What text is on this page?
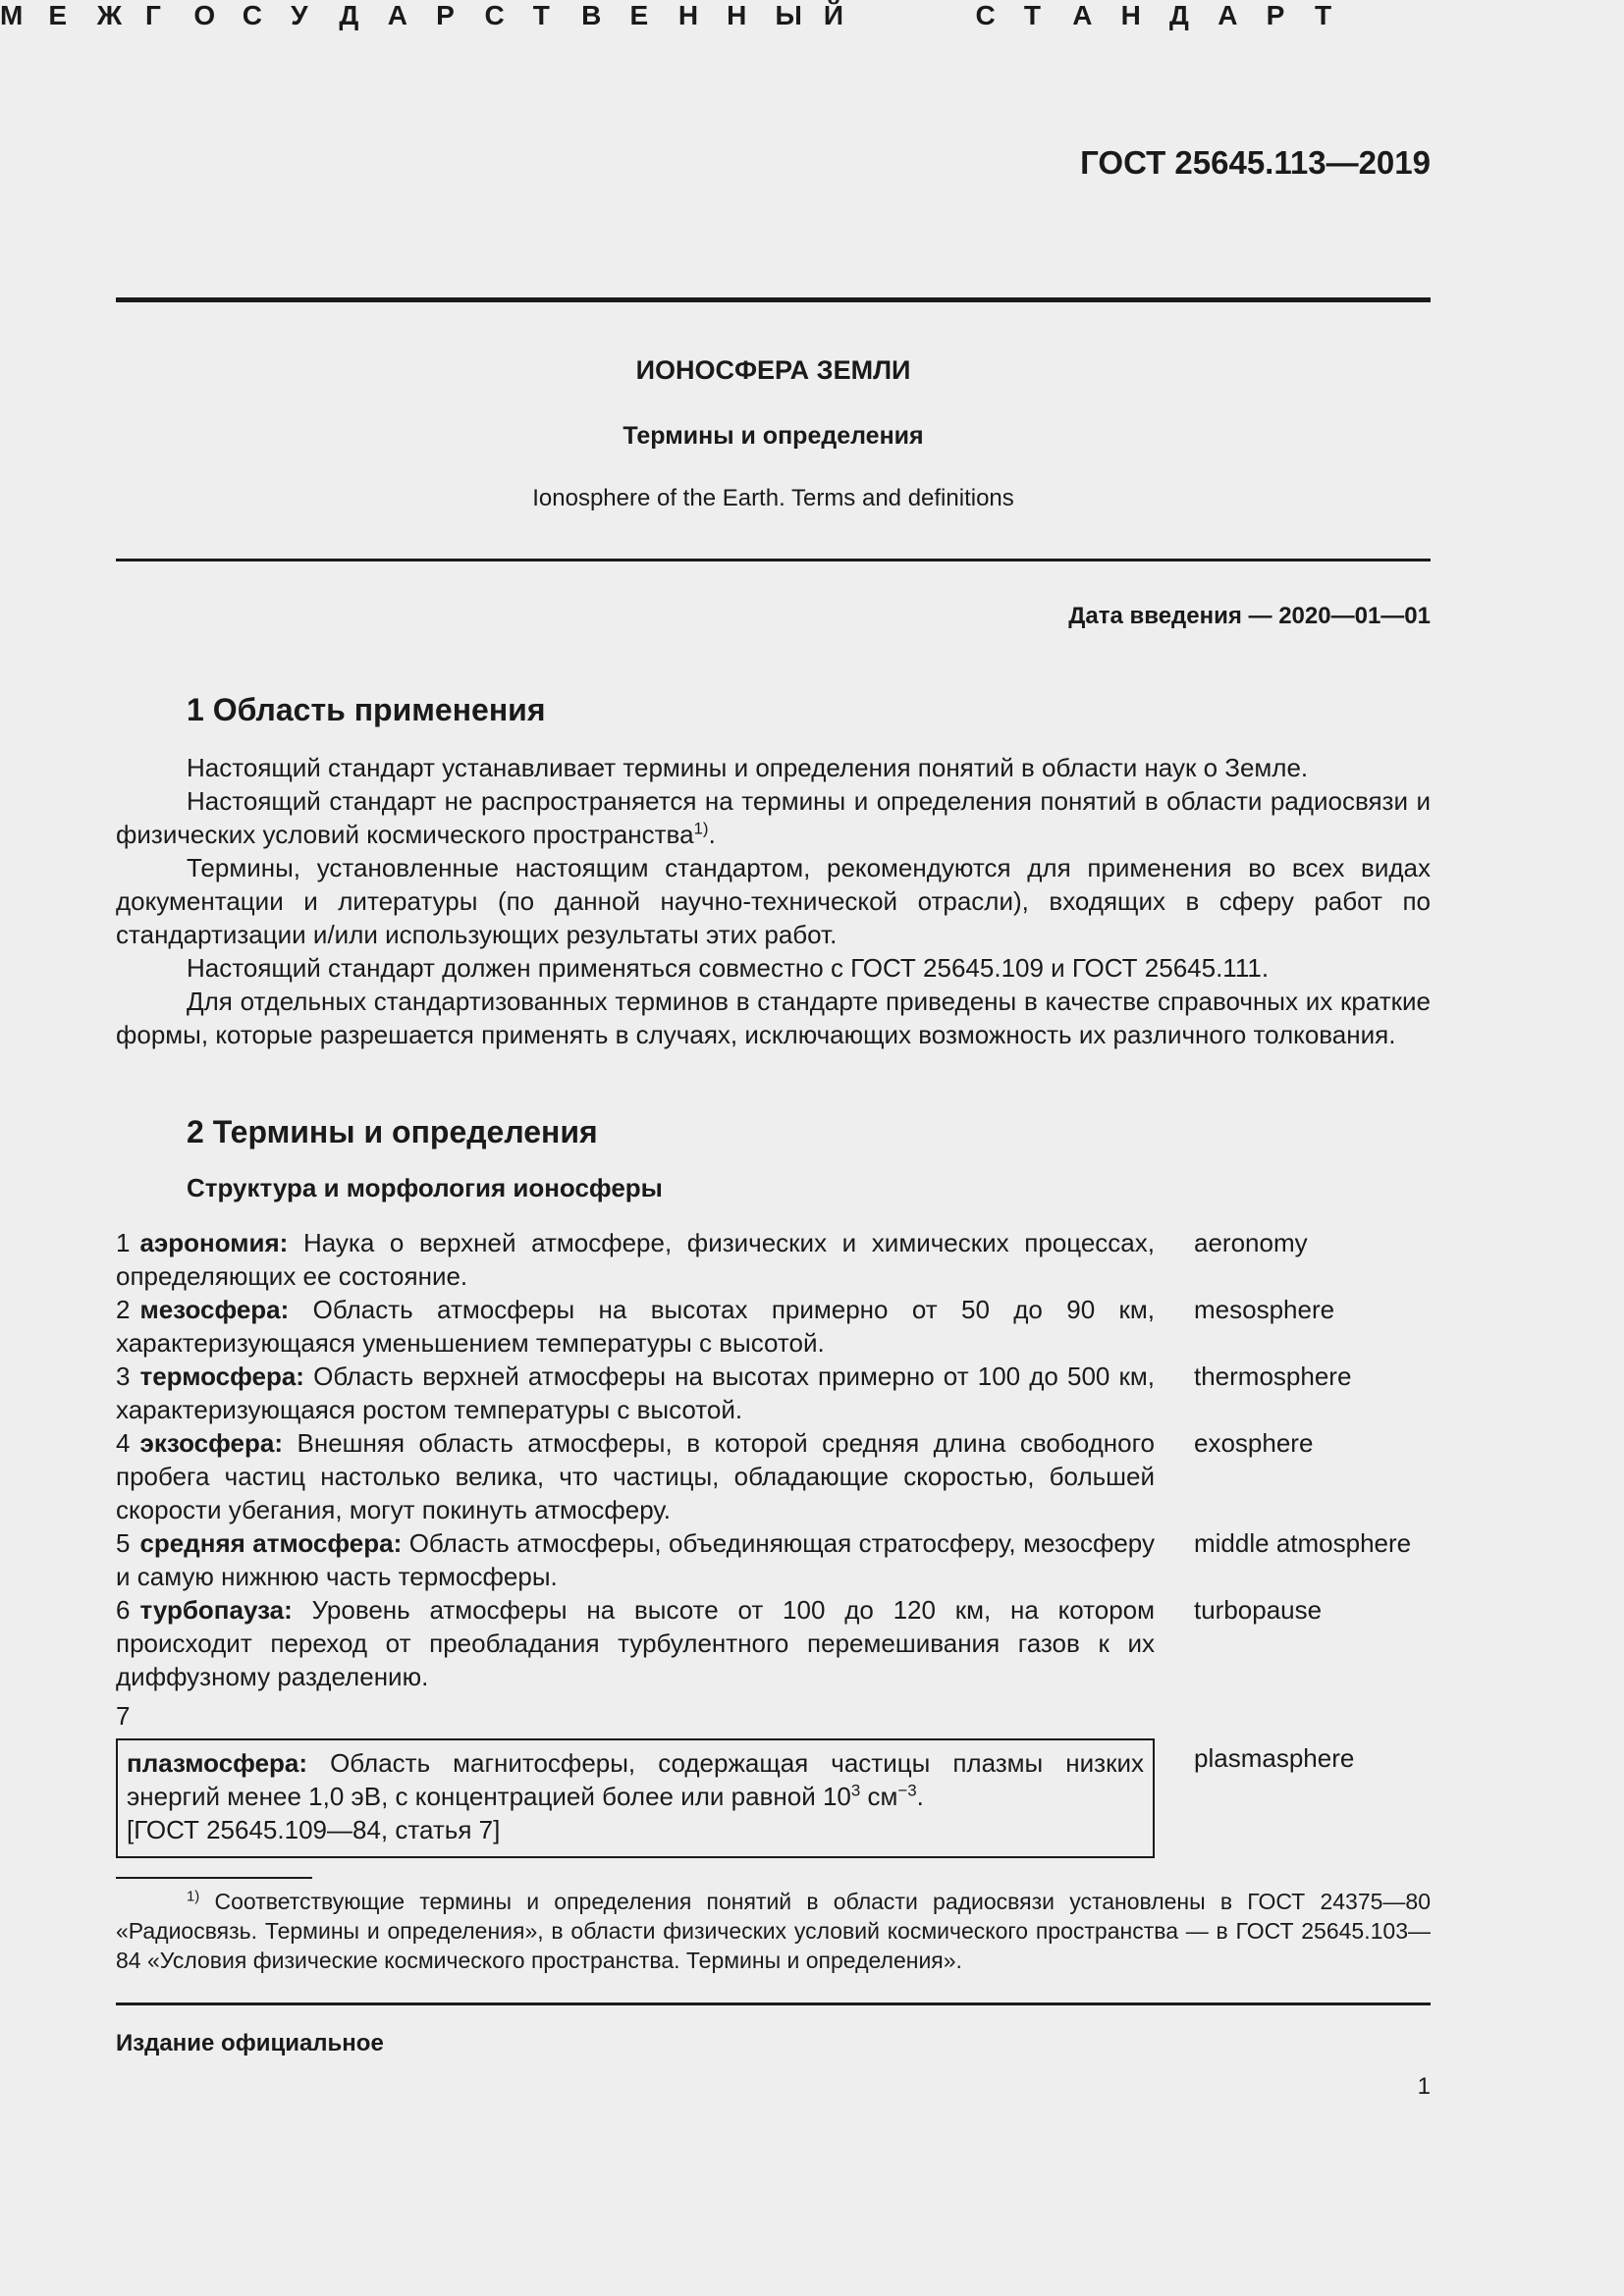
ГОСТ 25645.113—2019
М Е Ж Г О С У Д А Р С Т В Е Н Н Ы Й	С Т А Н Д А Р Т
ИОНОСФЕРА ЗЕМЛИ
Термины и определения
Ionosphere of the Earth. Terms and definitions
Дата введения — 2020—01—01
1 Область применения

Настоящий стандарт устанавливает термины и определения понятий в области наук о Земле.

Настоящий стандарт не распространяется на термины и определения понятий в области радиосвязи и физических условий космического пространства$^{1)}$.

Термины, установленные настоящим стандартом, рекомендуются для применения во всех видах документации и литературы (по данной научно-технической отрасли), входящих в сферу работ по стандартизации и/или использующих результаты этих работ.

Настоящий стандарт должен применяться совместно с ГОСТ 25645.109 и ГОСТ 25645.111.

Для отдельных стандартизованных терминов в стандарте приведены в качестве справочных их краткие формы, которые разрешается применять в случаях, исключающих возможность их различного толкования.

2 Термины и определения
Структура и морфология ионосферы
1 аэрономия: Наука о верхней атмосфере, физических и химических процессах, определяющих ее состояние.
aeronomy
2 мезосфера: Область атмосферы на высотах примерно от 50 до 90 км, характеризующаяся уменьшением температуры с высотой.
mesosphere
3 термосфера: Область верхней атмосферы на высотах примерно от 100 до 500 км, характеризующаяся ростом температуры с высотой.
thermosphere
4 экзосфера: Внешняя область атмосферы, в которой средняя длина свободного пробега частиц настолько велика, что частицы, обладающие скоростью, большей скорости убегания, могут покинуть атмосферу.
exosphere
5 средняя атмосфера: Область атмосферы, объединяющая стратосферу, мезосферу и самую нижнюю часть термосферы.
middle atmosphere
6 турбопауза: Уровень атмосферы на высоте от 100 до 120 км, на котором происходит переход от преобладания турбулентного перемешивания газов к их диффузному разделению.
turbopause
7
плазмосфера: Область магнитосферы, содержащая частицы плазмы низких энергий менее 1,0 эВ, с концентрацией более или равной $10^3$ $см^{-3}$.
[ГОСТ 25645.109—84, статья 7]
plasmasphere
$^{1)}$ Соответствующие термины и определения понятий в области радиосвязи установлены в ГОСТ 24375—80 «Радиосвязь. Термины и определения», в области физических условий космического пространства — в ГОСТ 25645.103—84 «Условия физические космического пространства. Термины и определения».
Издание официальное
1
